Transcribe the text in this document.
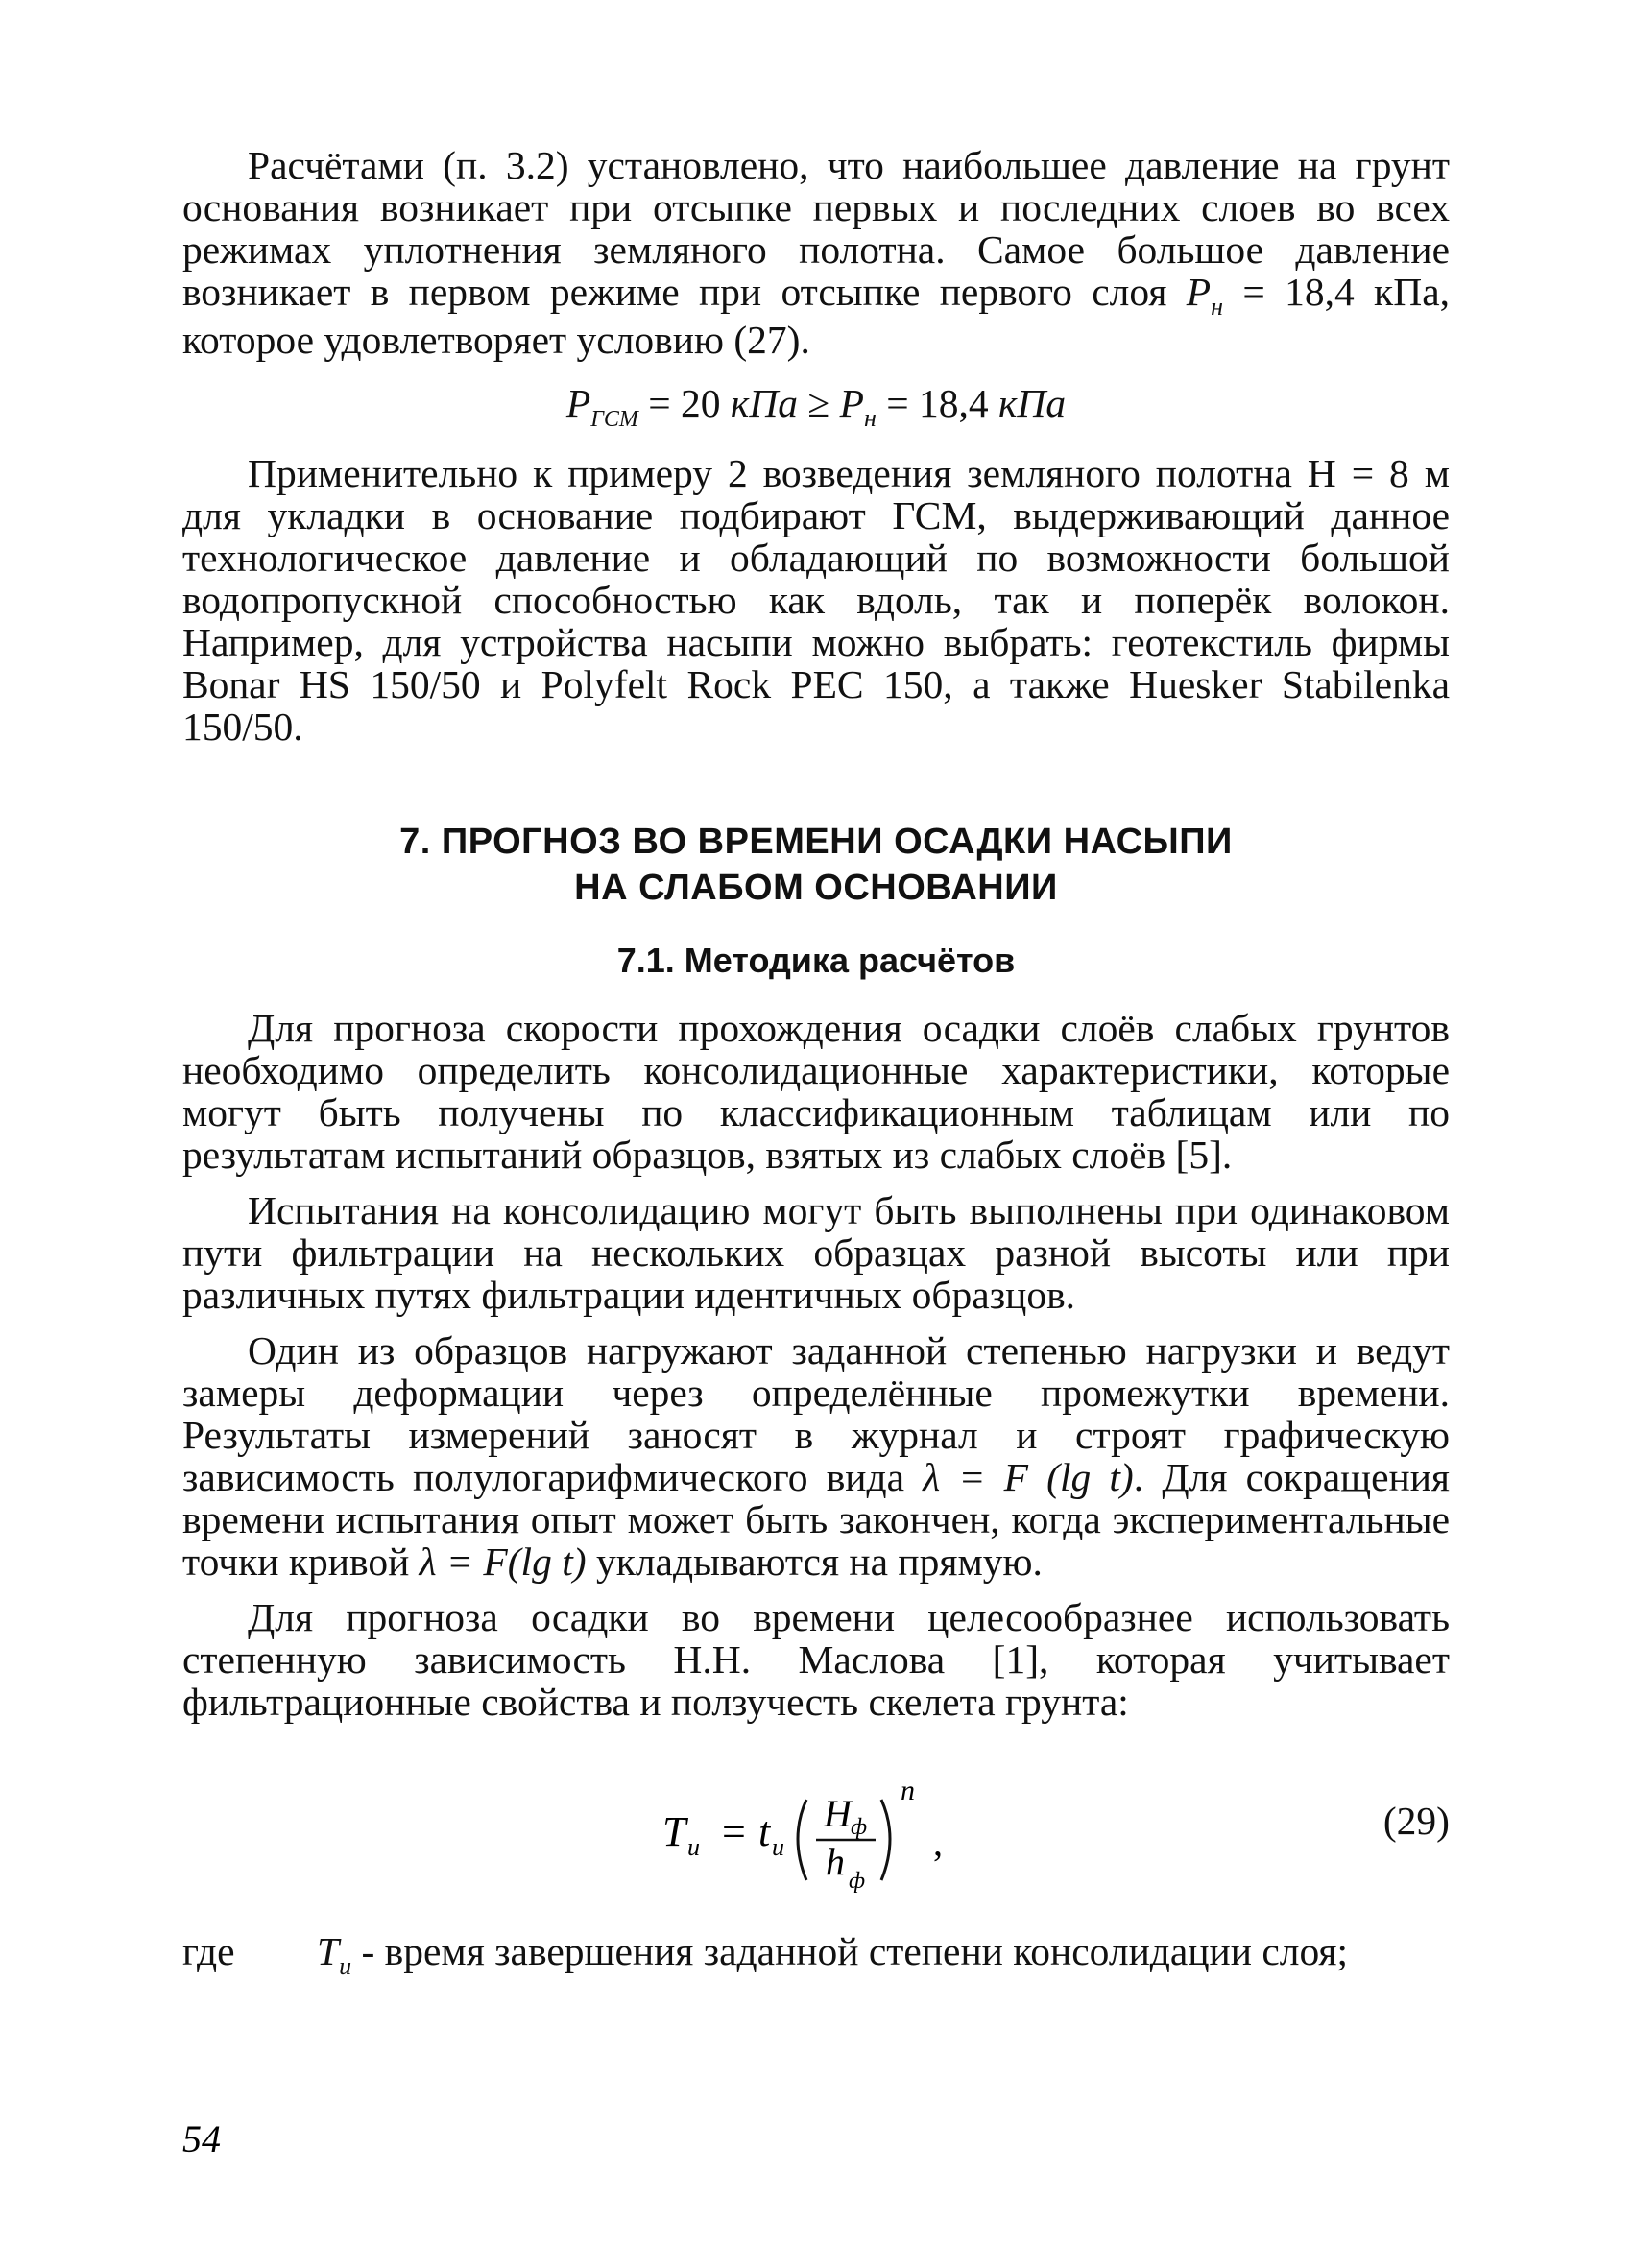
Расчётами (п. 3.2) установлено, что наибольшее давление на грунт основания возникает при отсыпке первых и последних слоев во всех режимах уплотнения земляного полотна. Самое большое давление возникает в первом режиме при отсыпке первого слоя $P_н = 18,4$ кПа, которое удовлетворяет условию (27).

$P_{ГСМ} = 20$ кПа ≥ $P_н = 18,4$ кПа

Применительно к примеру 2 возведения земляного полотна Н = 8 м для укладки в основание подбирают ГСМ, выдерживающий данное технологическое давление и обладающий по возможности большой водопропускной способностью как вдоль, так и поперёк волокон. Например, для устройства насыпи можно выбрать: геотекстиль фирмы Bonar HS 150/50 и Polyfelt Rock PEC 150, а также Huesker Stabilenka 150/50.

7. ПРОГНОЗ ВО ВРЕМЕНИ ОСАДКИ НАСЫПИ
НА СЛАБОМ ОСНОВАНИИ
7.1. Методика расчётов

Для прогноза скорости прохождения осадки слоёв слабых грунтов необходимо определить консолидационные характеристики, которые могут быть получены по классификационным таблицам или по результатам испытаний образцов, взятых из слабых слоёв [5].

Испытания на консолидацию могут быть выполнены при одинаковом пути фильтрации на нескольких образцах разной высоты или при различных путях фильтрации идентичных образцов.

Один из образцов нагружают заданной степенью нагрузки и ведут замеры деформации через определённые промежутки времени. Результаты измерений заносят в журнал и строят графическую зависимость полулогарифмического вида λ = F (lg t). Для сокращения времени испытания опыт может быть закончен, когда экспериментальные точки кривой λ = F(lg t) укладываются на прямую.

Для прогноза осадки во времени целесообразнее использовать степенную зависимость Н.Н. Маслова [1], которая учитывает фильтрационные свойства и ползучесть скелета грунта:

T и = t и
H ф
h ф
n
,	(29)
где $T_и$ - время завершения заданной степени консолидации слоя;
54
